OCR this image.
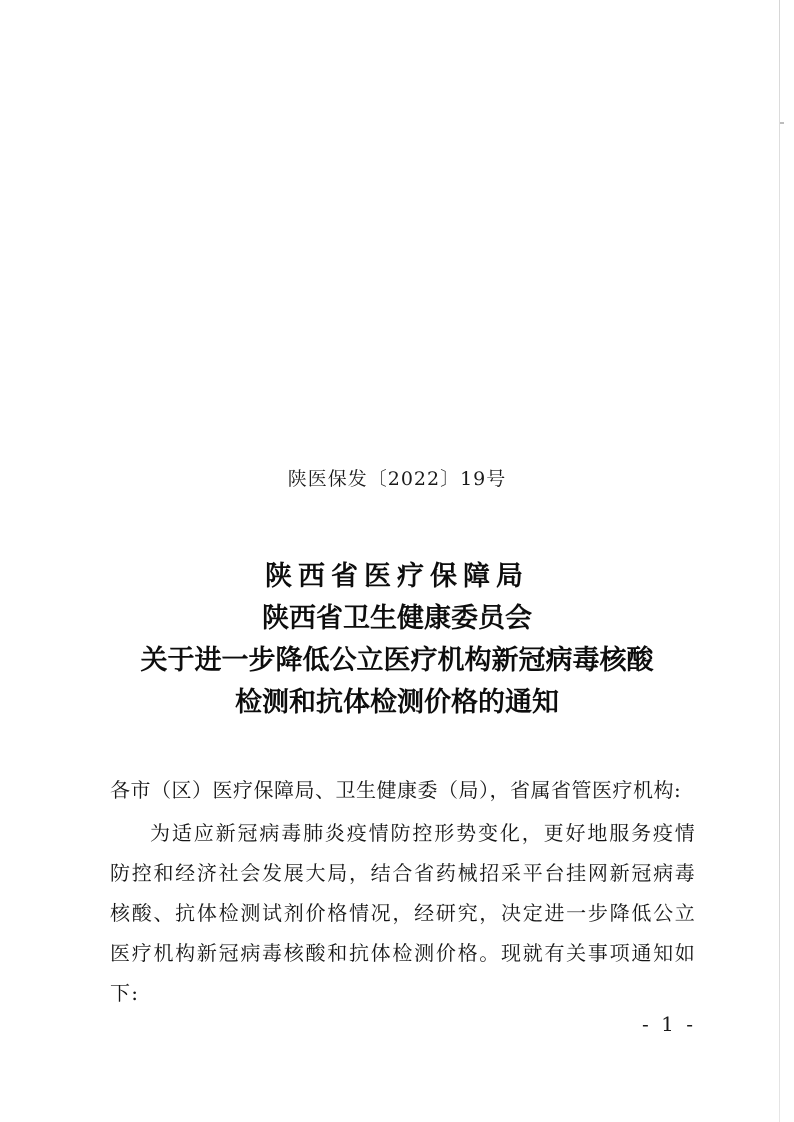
陕医保发〔2022〕19号
陕西省医疗保障局
陕西省卫生健康委员会
关于进一步降低公立医疗机构新冠病毒核酸
检测和抗体检测价格的通知
各市（区）医疗保障局、卫生健康委（局），省属省管医疗机构:
为适应新冠病毒肺炎疫情防控形势变化，更好地服务疫情防控和经济社会发展大局，结合省药械招采平台挂网新冠病毒核酸、抗体检测试剂价格情况，经研究，决定进一步降低公立医疗机构新冠病毒核酸和抗体检测价格。现就有关事项通知如下:
- 1 -
